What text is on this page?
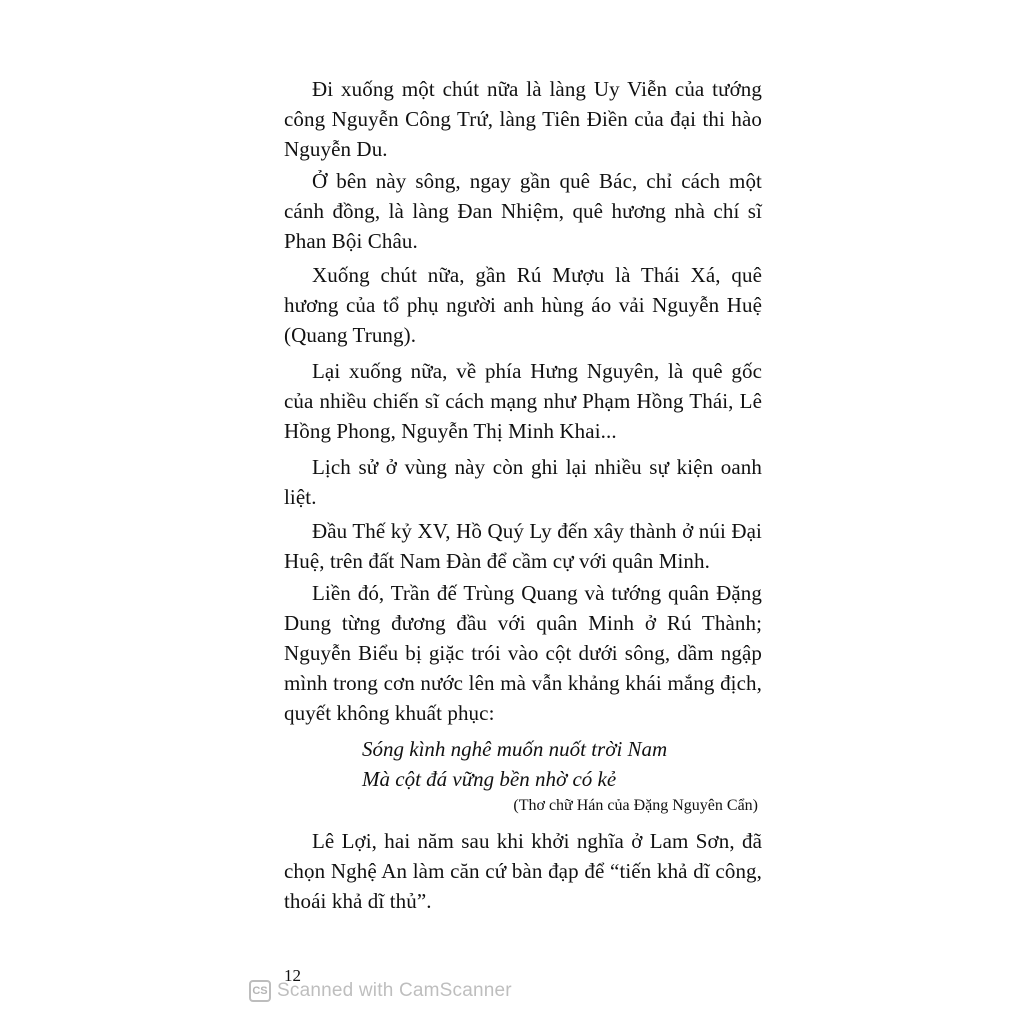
Đi xuống một chút nữa là làng Uy Viễn của tướng công Nguyễn Công Trứ, làng Tiên Điền của đại thi hào Nguyễn Du.

Ở bên này sông, ngay gần quê Bác, chỉ cách một cánh đồng, là làng Đan Nhiệm, quê hương nhà chí sĩ Phan Bội Châu.

Xuống chút nữa, gần Rú Mượu là Thái Xá, quê hương của tổ phụ người anh hùng áo vải Nguyễn Huệ (Quang Trung).

Lại xuống nữa, về phía Hưng Nguyên, là quê gốc của nhiều chiến sĩ cách mạng như Phạm Hồng Thái, Lê Hồng Phong, Nguyễn Thị Minh Khai...

Lịch sử ở vùng này còn ghi lại nhiều sự kiện oanh liệt.

Đầu Thế kỷ XV, Hồ Quý Ly đến xây thành ở núi Đại Huệ, trên đất Nam Đàn để cầm cự với quân Minh.

Liền đó, Trần đế Trùng Quang và tướng quân Đặng Dung từng đương đầu với quân Minh ở Rú Thành; Nguyễn Biểu bị giặc trói vào cột dưới sông, dầm ngập mình trong cơn nước lên mà vẫn khảng khái mắng địch, quyết không khuất phục:

Sóng kình nghê muốn nuốt trời Nam
Mà cột đá vững bền nhờ có kẻ
(Thơ chữ Hán của Đặng Nguyên Cẩn)

Lê Lợi, hai năm sau khi khởi nghĩa ở Lam Sơn, đã chọn Nghệ An làm căn cứ bàn đạp để “tiến khả dĩ công, thoái khả dĩ thủ”.

12
CS Scanned with CamScanner
